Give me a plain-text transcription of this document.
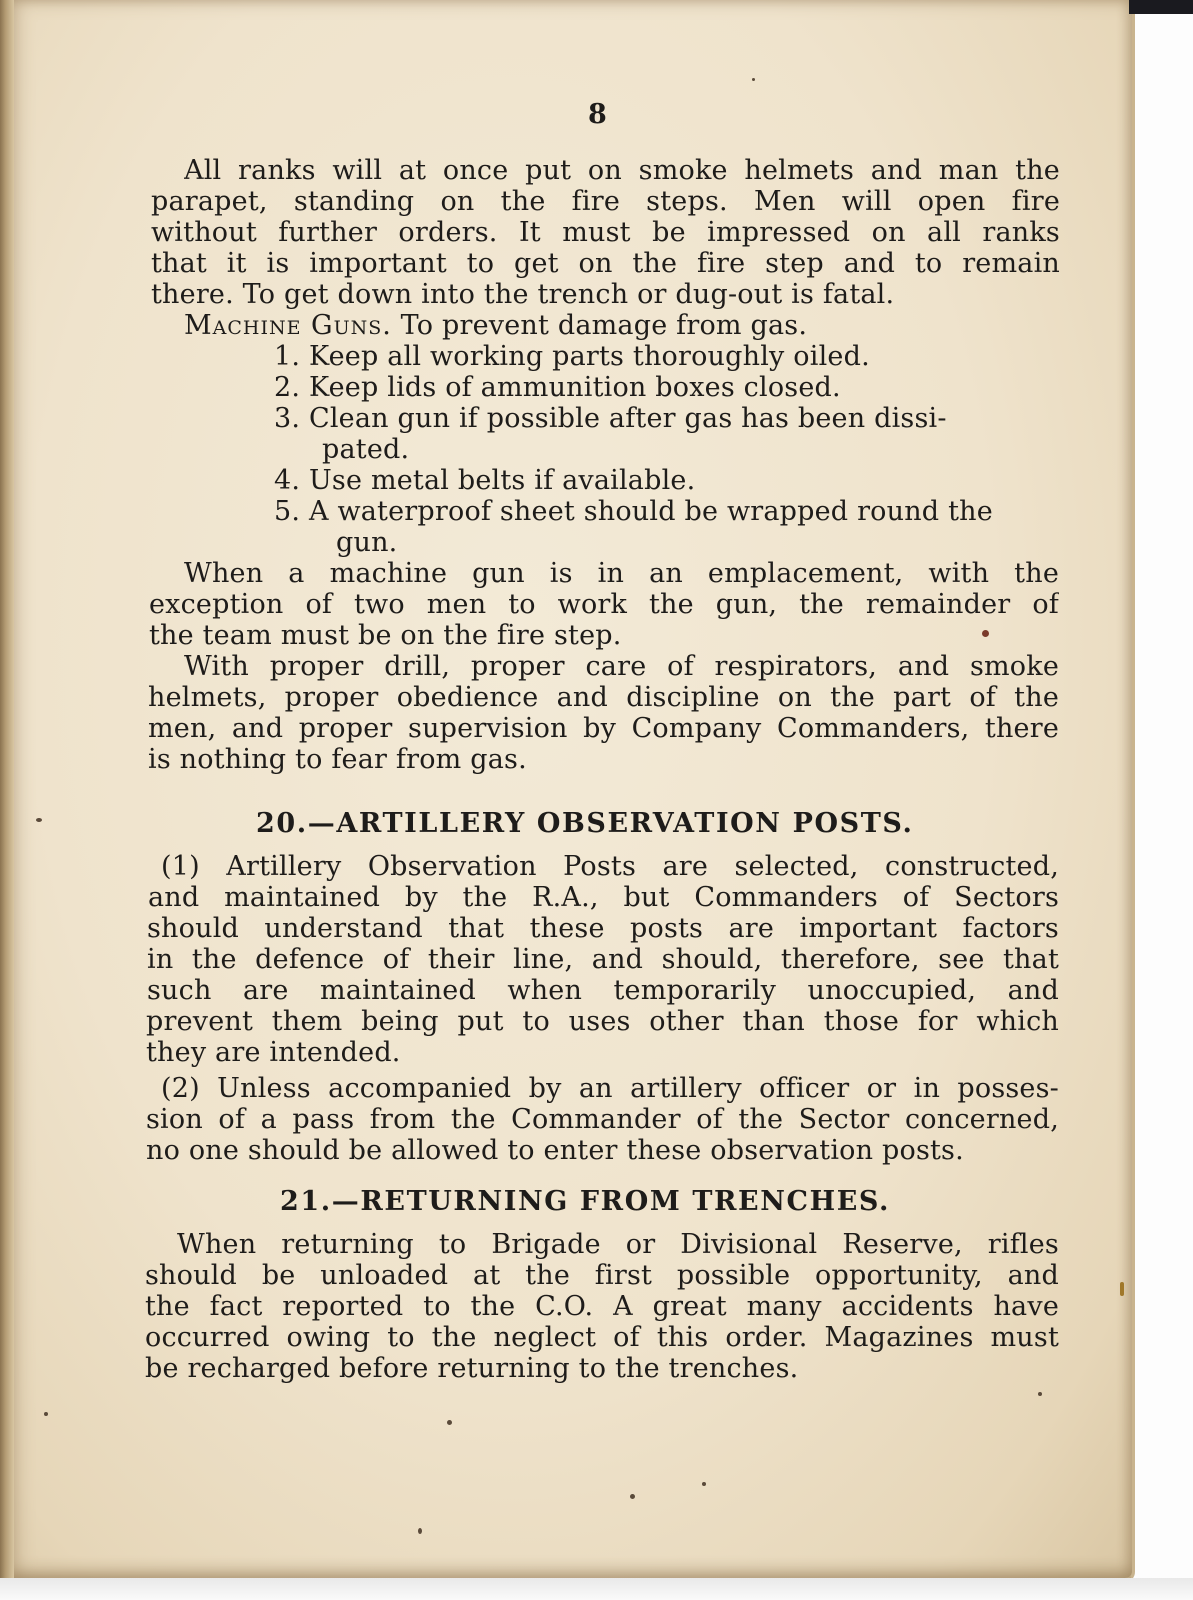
8
All ranks will at once put on smoke helmets and man the
parapet, standing on the fire steps. Men will open fire
without further orders. It must be impressed on all ranks
that it is important to get on the fire step and to remain
there. To get down into the trench or dug-out is fatal.
Machine Guns. To prevent damage from gas.
1. Keep all working parts thoroughly oiled.
2. Keep lids of ammunition boxes closed.
3. Clean gun if possible after gas has been dissi-
pated.
4. Use metal belts if available.
5. A waterproof sheet should be wrapped round the
gun.
When a machine gun is in an emplacement, with the
exception of two men to work the gun, the remainder of
the team must be on the fire step.
With proper drill, proper care of respirators, and smoke
helmets, proper obedience and discipline on the part of the
men, and proper supervision by Company Commanders, there
is nothing to fear from gas.
20.—ARTILLERY OBSERVATION POSTS.
(1) Artillery Observation Posts are selected, constructed,
and maintained by the R.A., but Commanders of Sectors
should understand that these posts are important factors
in the defence of their line, and should, therefore, see that
such are maintained when temporarily unoccupied, and
prevent them being put to uses other than those for which
they are intended.
(2) Unless accompanied by an artillery officer or in posses-
sion of a pass from the Commander of the Sector concerned,
no one should be allowed to enter these observation posts.
21.—RETURNING FROM TRENCHES.
When returning to Brigade or Divisional Reserve, rifles
should be unloaded at the first possible opportunity, and
the fact reported to the C.O. A great many accidents have
occurred owing to the neglect of this order. Magazines must
be recharged before returning to the trenches.
